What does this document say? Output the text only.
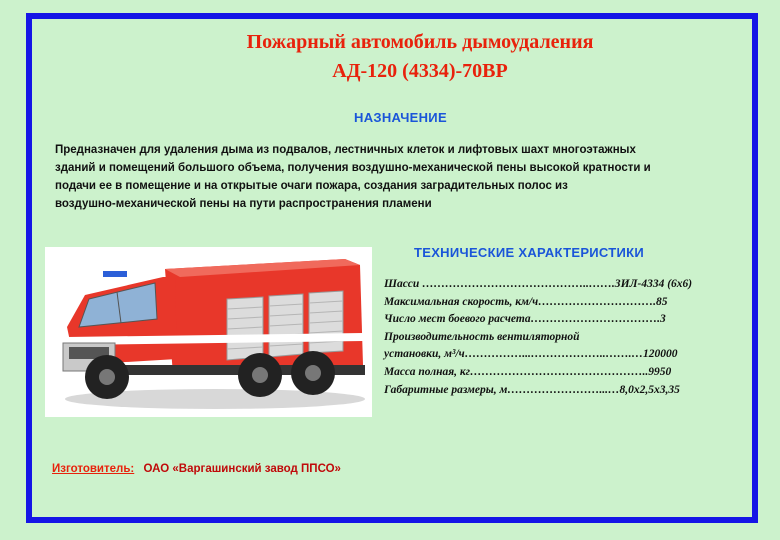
Пожарный автомобиль дымоудаления
АД-120 (4334)-70ВР
НАЗНАЧЕНИЕ
Предназначен для удаления дыма из подвалов, лестничных клеток и лифтовых шахт многоэтажных
зданий и помещений большого объема, получения воздушно-механической пены высокой кратности и
подачи ее в помещение и на открытые очаги пожара, создания заградительных полос из
воздушно-механической пены на пути распространения пламени
ТЕХНИЧЕСКИЕ ХАРАКТЕРИСТИКИ
Шасси ……………………………………..…….ЗИЛ-4334 (6х6)
Максимальная скорость, км/ч………………………….85
Число мест боевого расчета…………………………….3
Производительность вентиляторной
установки, м³/ч……………...………………..…….…120000
Масса полная, кг………………………………………..9950
Габаритные размеры, м……………………...…8,0х2,5х3,35
Изготовитель: ОАО «Варгашинский завод ППСО»
